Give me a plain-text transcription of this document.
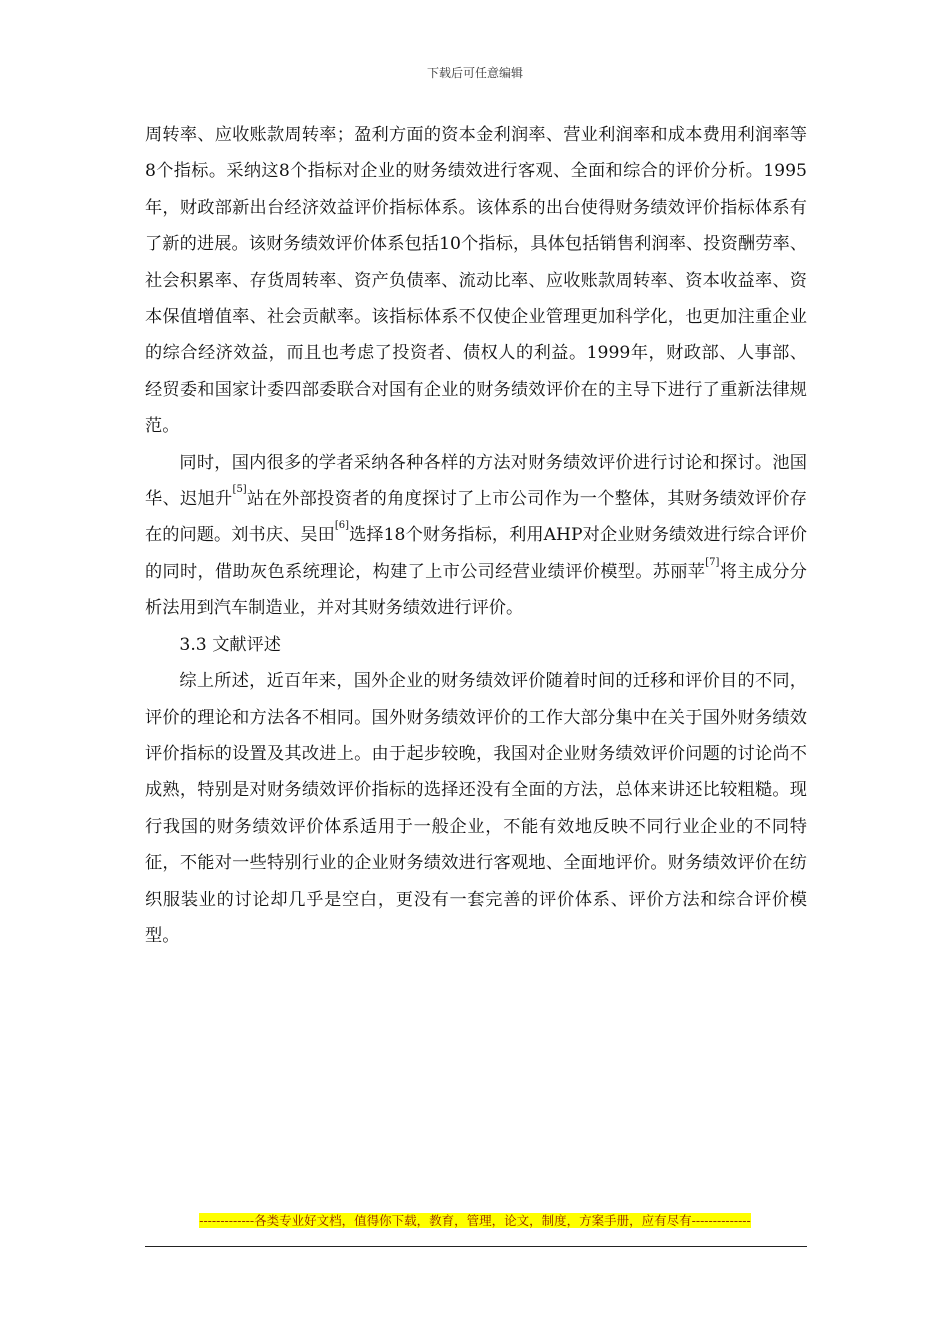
下载后可任意编辑

周转率、应收账款周转率；盈利方面的资本金利润率、营业利润率和成本费用利润率等8个指标。采纳这8个指标对企业的财务绩效进行客观、全面和综合的评价分析。1995年，财政部新出台经济效益评价指标体系。该体系的出台使得财务绩效评价指标体系有了新的进展。该财务绩效评价体系包括10个指标，具体包括销售利润率、投资酬劳率、社会积累率、存货周转率、资产负债率、流动比率、应收账款周转率、资本收益率、资本保值增值率、社会贡献率。该指标体系不仅使企业管理更加科学化，也更加注重企业的综合经济效益，而且也考虑了投资者、债权人的利益。1999年，财政部、人事部、经贸委和国家计委四部委联合对国有企业的财务绩效评价在的主导下进行了重新法律规范。

同时，国内很多的学者采纳各种各样的方法对财务绩效评价进行讨论和探讨。池国华、迟旭升[5]站在外部投资者的角度探讨了上市公司作为一个整体，其财务绩效评价存在的问题。刘书庆、吴田[6]选择18个财务指标，利用AHP对企业财务绩效进行综合评价的同时，借助灰色系统理论，构建了上市公司经营业绩评价模型。苏丽苹[7]将主成分分析法用到汽车制造业，并对其财务绩效进行评价。

3.3 文献评述

综上所述，近百年来，国外企业的财务绩效评价随着时间的迁移和评价目的不同，评价的理论和方法各不相同。国外财务绩效评价的工作大部分集中在关于国外财务绩效评价指标的设置及其改进上。由于起步较晚，我国对企业财务绩效评价问题的讨论尚不成熟，特别是对财务绩效评价指标的选择还没有全面的方法，总体来讲还比较粗糙。现行我国的财务绩效评价体系适用于一般企业，不能有效地反映不同行业企业的不同特征，不能对一些特别行业的企业财务绩效进行客观地、全面地评价。财务绩效评价在纺织服装业的讨论却几乎是空白，更没有一套完善的评价体系、评价方法和综合评价模型。

-------------各类专业好文档，值得你下载，教育，管理，论文，制度，方案手册，应有尽有--------------
